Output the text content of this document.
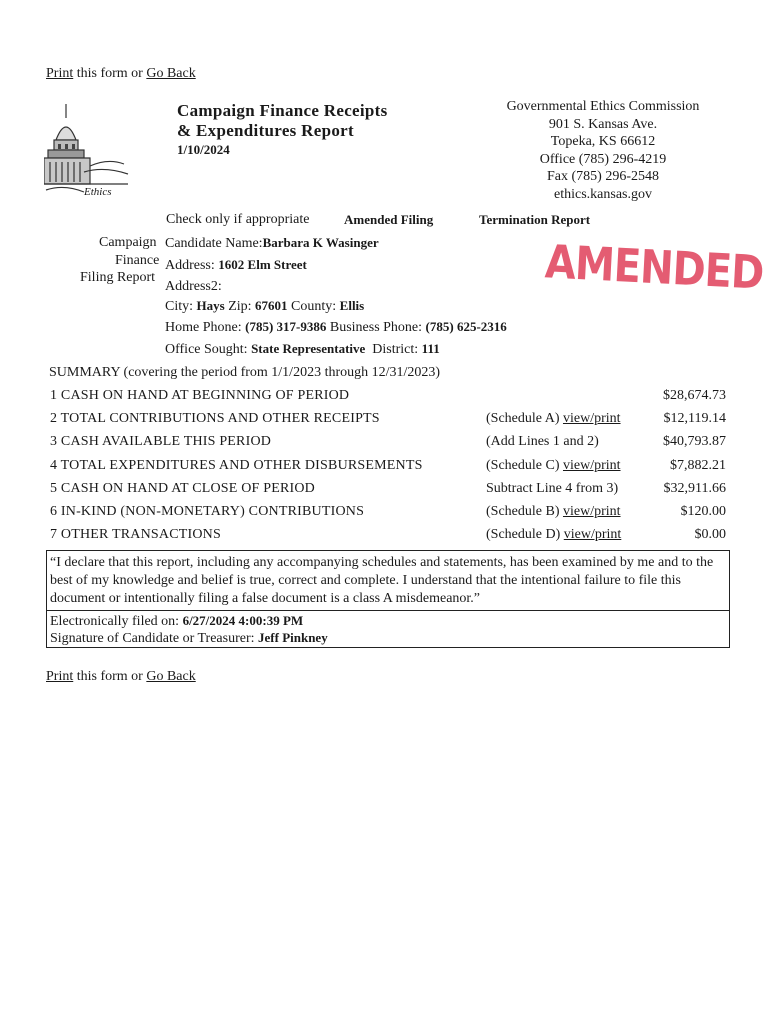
Print this form or Go Back
Ethics
Campaign Finance Receipts
& Expenditures Report
1/10/2024
Governmental Ethics Commission
901 S. Kansas Ave.
Topeka, KS 66612
Office (785) 296-4219
Fax (785) 296-2548
ethics.kansas.gov
Check only if appropriate	Amended Filing	Termination Report
Campaign
Finance
Filing Report	AMENDED
Candidate Name:Barbara K Wasinger
Address: 1602 Elm Street
Address2:
City: Hays Zip: 67601 County: Ellis
Home Phone: (785) 317-9386 Business Phone: (785) 625-2316
Office Sought: State Representative District: 111
SUMMARY (covering the period from 1/1/2023 through 12/31/2023)
1 CASH ON HAND AT BEGINNING OF PERIOD	$28,674.73
2 TOTAL CONTRIBUTIONS AND OTHER RECEIPTS	(Schedule A) view/print	$12,119.14
3 CASH AVAILABLE THIS PERIOD	(Add Lines 1 and 2)	$40,793.87
4 TOTAL EXPENDITURES AND OTHER DISBURSEMENTS	(Schedule C) view/print	$7,882.21
5 CASH ON HAND AT CLOSE OF PERIOD	Subtract Line 4 from 3)	$32,911.66
6 IN-KIND (NON-MONETARY) CONTRIBUTIONS	(Schedule B) view/print	$120.00
7 OTHER TRANSACTIONS	(Schedule D) view/print	$0.00
“I declare that this report, including any accompanying schedules and statements, has been examined by me and to the best of my knowledge and belief is true, correct and complete. I understand that the intentional failure to file this document or intentionally filing a false document is a class A misdemeanor.”
Electronically filed on: 6/27/2024 4:00:39 PM
Signature of Candidate or Treasurer: Jeff Pinkney
Print this form or Go Back
